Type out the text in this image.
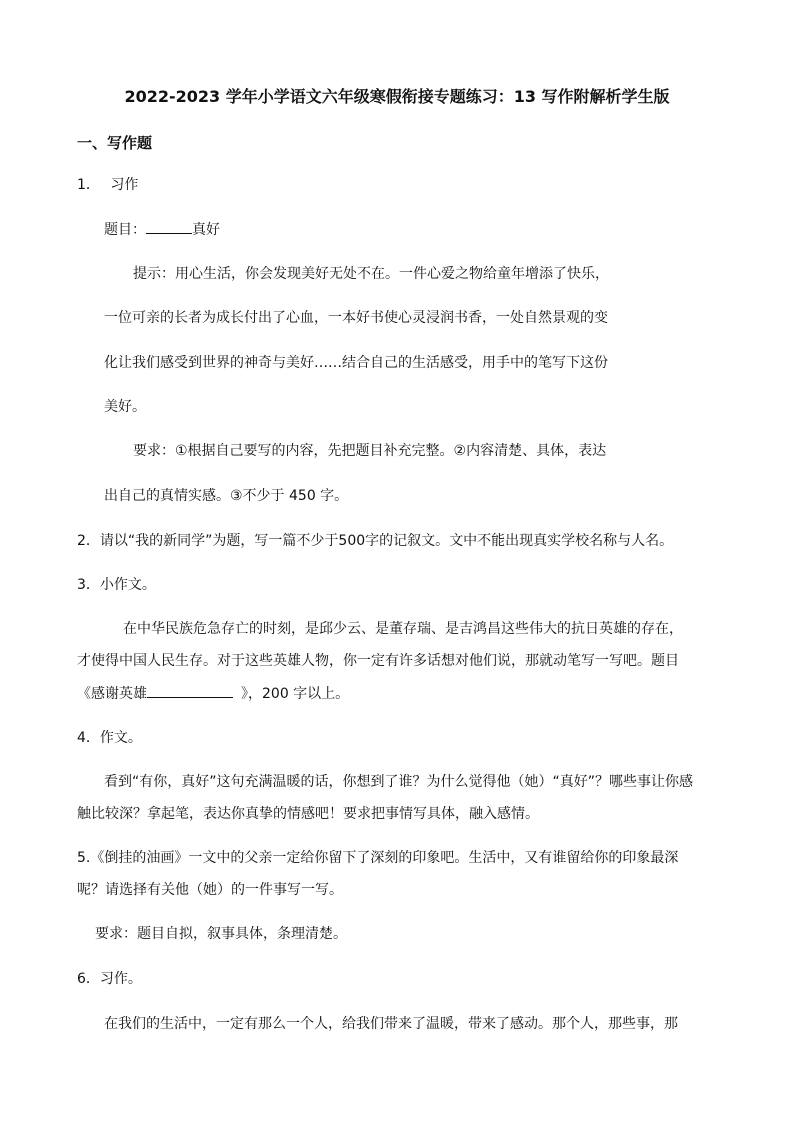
2022-2023 学年小学语文六年级寒假衔接专题练习：13 写作附解析学生版
一、写作题
1． 习作
题目：	真好
提示：用心生活，你会发现美好无处不在。一件心爱之物给童年增添了快乐，
一位可亲的长者为成长付出了心血，一本好书使心灵浸润书香，一处自然景观的变
化让我们感受到世界的神奇与美好……结合自己的生活感受，用手中的笔写下这份
美好。
要求：①根据自己要写的内容，先把题目补充完整。②内容清楚、具体，表达
出自己的真情实感。③不少于 450 字。
2．请以“我的新同学”为题，写一篇不少于500字的记叙文。文中不能出现真实学校名称与人名。
3．小作文。
在中华民族危急存亡的时刻，是邱少云、是董存瑞、是吉鸿昌这些伟大的抗日英雄的存在，
才使得中国人民生存。对于这些英雄人物，你一定有许多话想对他们说，那就动笔写一写吧。题目
《感谢英雄	》，200 字以上。
4．作文。
看到“有你，真好”这句充满温暖的话，你想到了谁？为什么觉得他（她）“真好”？哪些事让你感
触比较深？拿起笔，表达你真挚的情感吧！要求把事情写具体，融入感情。
5.《倒挂的油画》一文中的父亲一定给你留下了深刻的印象吧。生活中，又有谁留给你的印象最深
呢？请选择有关他（她）的一件事写一写。
要求：题目自拟，叙事具体，条理清楚。
6．习作。
在我们的生活中，一定有那么一个人，给我们带来了温暖，带来了感动。那个人，那些事，那
